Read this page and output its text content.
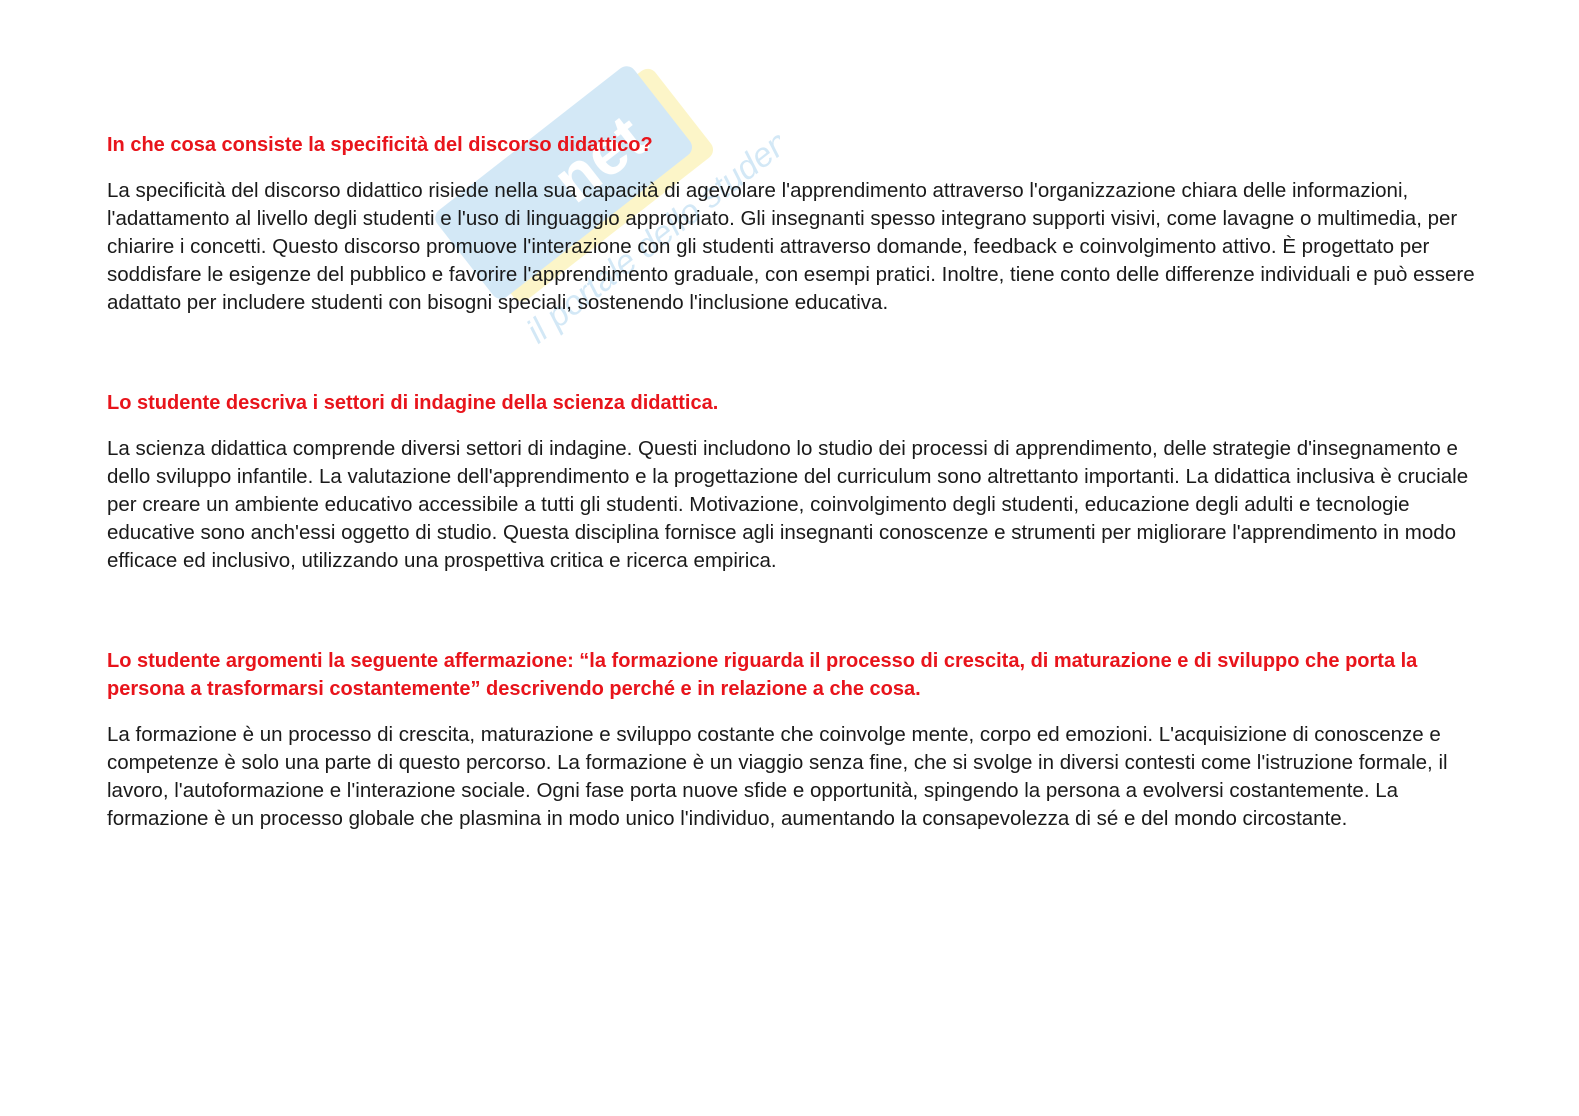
net
il portale dello studente

In che cosa consiste la specificità del discorso didattico?

La specificità del discorso didattico risiede nella sua capacità di agevolare l'apprendimento attraverso l'organizzazione chiara delle informazioni, l'adattamento al livello degli studenti e l'uso di linguaggio appropriato. Gli insegnanti spesso integrano supporti visivi, come lavagne o multimedia, per chiarire i concetti. Questo discorso promuove l'interazione con gli studenti attraverso domande, feedback e coinvolgimento attivo. È progettato per soddisfare le esigenze del pubblico e favorire l'apprendimento graduale, con esempi pratici. Inoltre, tiene conto delle differenze individuali e può essere adattato per includere studenti con bisogni speciali, sostenendo l'inclusione educativa.

Lo studente descriva i settori di indagine della scienza didattica.

La scienza didattica comprende diversi settori di indagine. Questi includono lo studio dei processi di apprendimento, delle strategie d'insegnamento e dello sviluppo infantile. La valutazione dell'apprendimento e la progettazione del curriculum sono altrettanto importanti. La didattica inclusiva è cruciale per creare un ambiente educativo accessibile a tutti gli studenti. Motivazione, coinvolgimento degli studenti, educazione degli adulti e tecnologie educative sono anch'essi oggetto di studio. Questa disciplina fornisce agli insegnanti conoscenze e strumenti per migliorare l'apprendimento in modo efficace ed inclusivo, utilizzando una prospettiva critica e ricerca empirica.

Lo studente argomenti la seguente affermazione: “la formazione riguarda il processo di crescita, di maturazione e di sviluppo che porta la persona a trasformarsi costantemente” descrivendo perché e in relazione a che cosa.

La formazione è un processo di crescita, maturazione e sviluppo costante che coinvolge mente, corpo ed emozioni. L'acquisizione di conoscenze e competenze è solo una parte di questo percorso. La formazione è un viaggio senza fine, che si svolge in diversi contesti come l'istruzione formale, il lavoro, l'autoformazione e l'interazione sociale. Ogni fase porta nuove sfide e opportunità, spingendo la persona a evolversi costantemente. La formazione è un processo globale che plasmina in modo unico l'individuo, aumentando la consapevolezza di sé e del mondo circostante.
